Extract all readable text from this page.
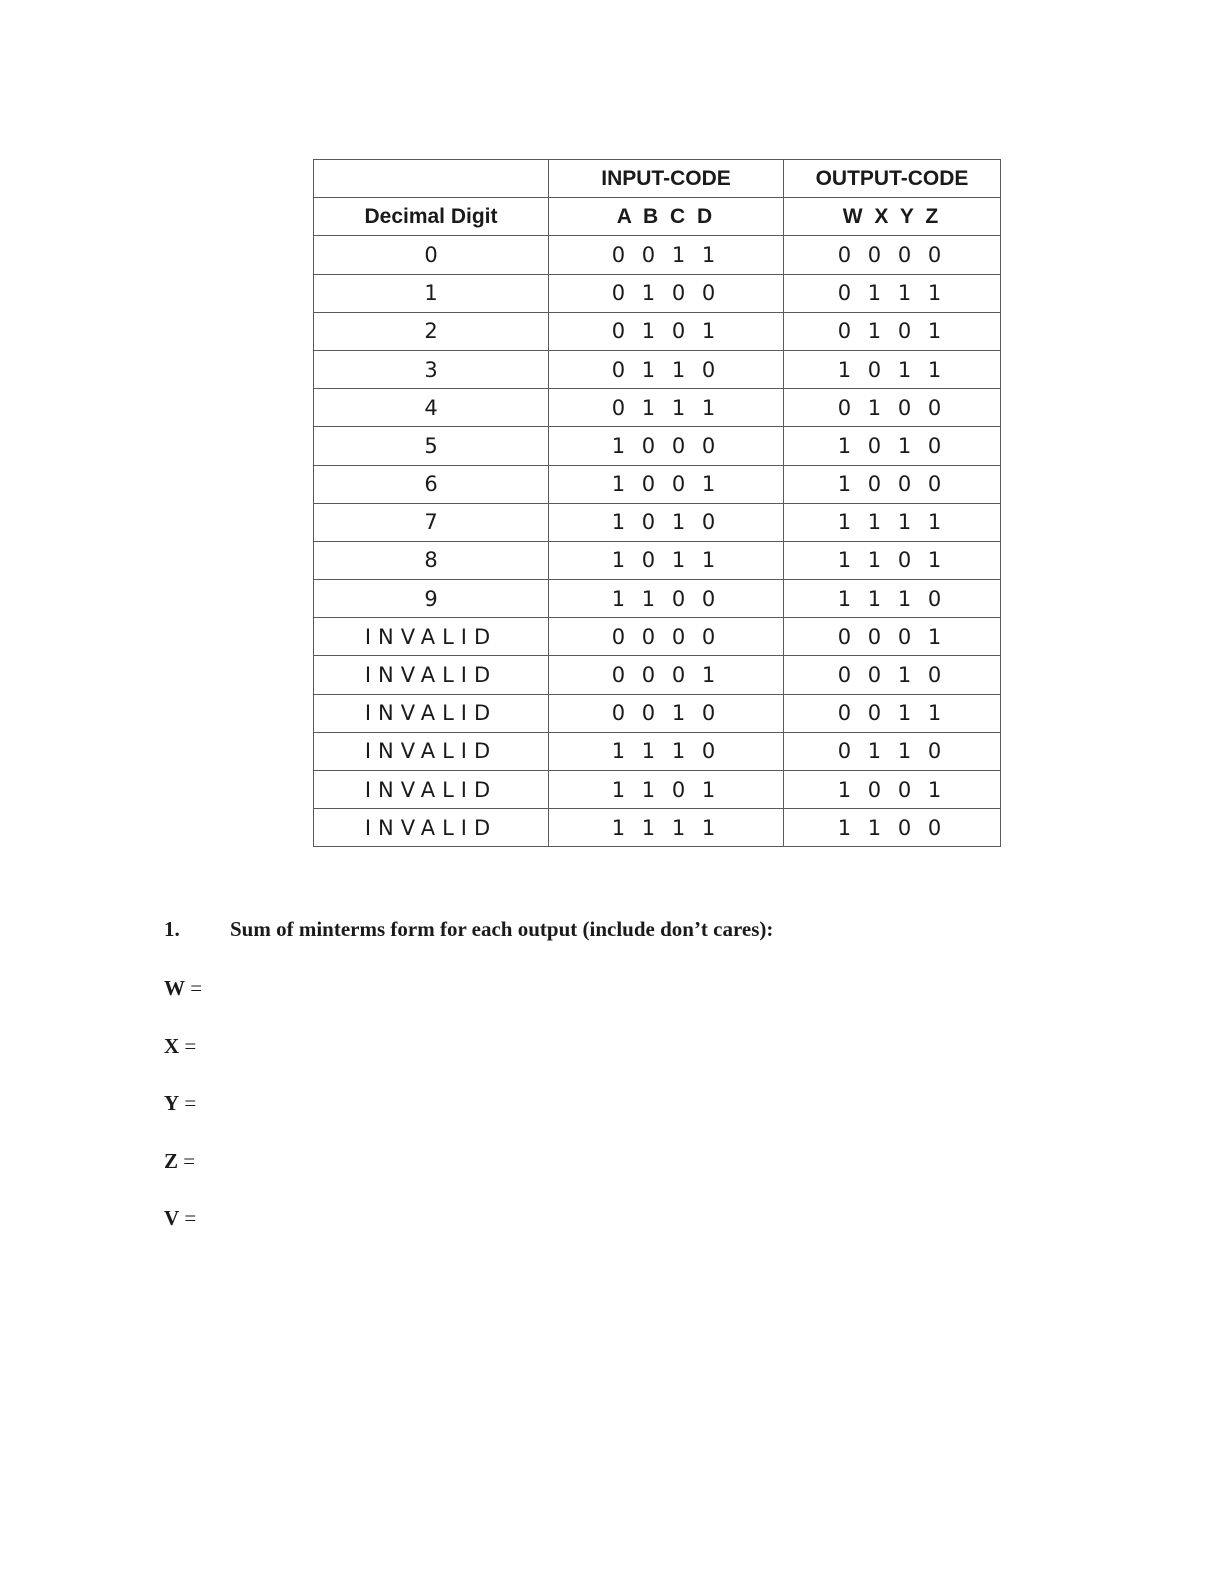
	INPUT-CODE	OUTPUT-CODE
Decimal Digit	A B C D	W X Y Z
0	0 0 1 1	0 0 0 0
1	0 1 0 0	0 1 1 1
2	0 1 0 1	0 1 0 1
3	0 1 1 0	1 0 1 1
4	0 1 1 1	0 1 0 0
5	1 0 0 0	1 0 1 0
6	1 0 0 1	1 0 0 0
7	1 0 1 0	1 1 1 1
8	1 0 1 1	1 1 0 1
9	1 1 0 0	1 1 1 0
INVALID	0 0 0 0	0 0 0 1
INVALID	0 0 0 1	0 0 1 0
INVALID	0 0 1 0	0 0 1 1
INVALID	1 1 1 0	0 1 1 0
INVALID	1 1 0 1	1 0 0 1
INVALID	1 1 1 1	1 1 0 0
1. Sum of minterms form for each output (include don’t cares):
W =
X =
Y =
Z =
V =
